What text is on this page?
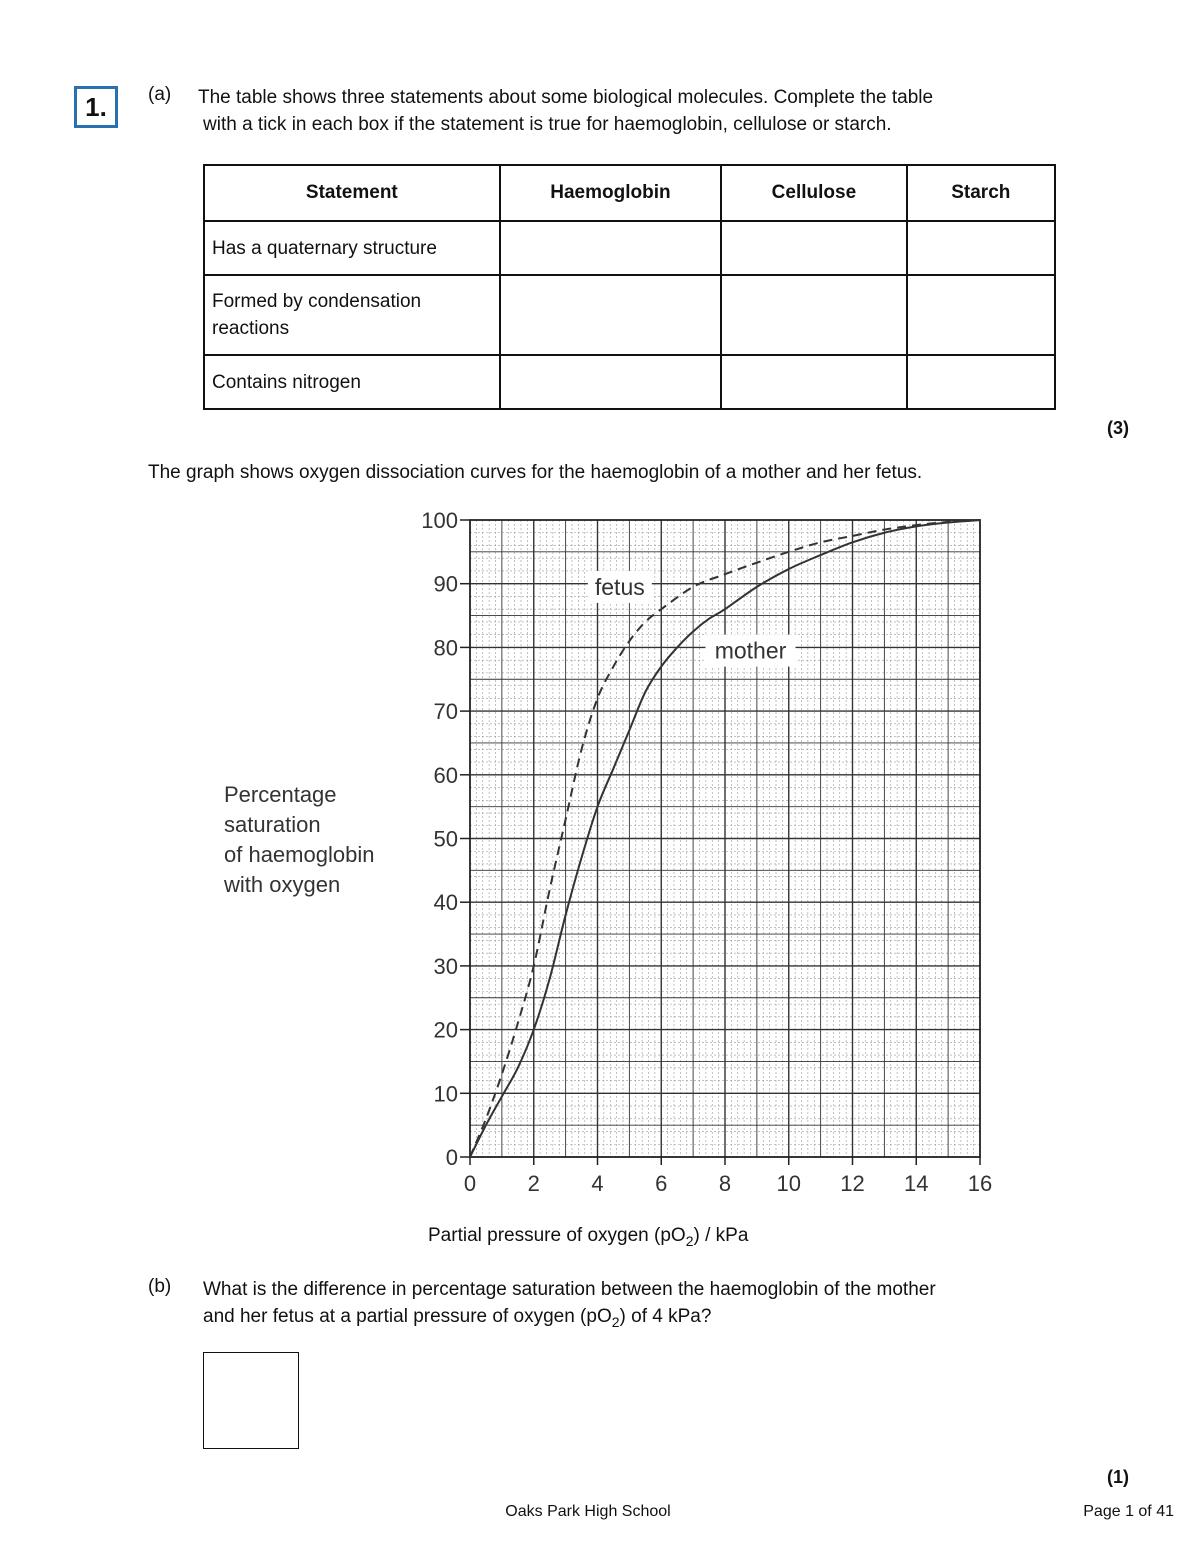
1.	(a) The table shows three statements about some biological molecules. Complete the table
with a tick in each box if the statement is true for haemoglobin, cellulose or starch.
Statement	Haemoglobin	Cellulose	Starch
Has a quaternary structure			
Formed by condensation reactions			
Contains nitrogen			
(3)
The graph shows oxygen dissociation curves for the haemoglobin of a mother and her fetus.
Percentage
saturation
of haemoglobin
with oxygen
0
10
20
30
40
50
60
70
80
90
100
0 2 4 6 8 10 12 14 16
fetus
mother
Partial pressure of oxygen $(pO_2)$ / kPa
(b) What is the difference in percentage saturation between the haemoglobin of the mother
and her fetus at a partial pressure of oxygen $(pO_2)$ of 4 kPa?
(1)
Oaks Park High School	Page 1 of 41
